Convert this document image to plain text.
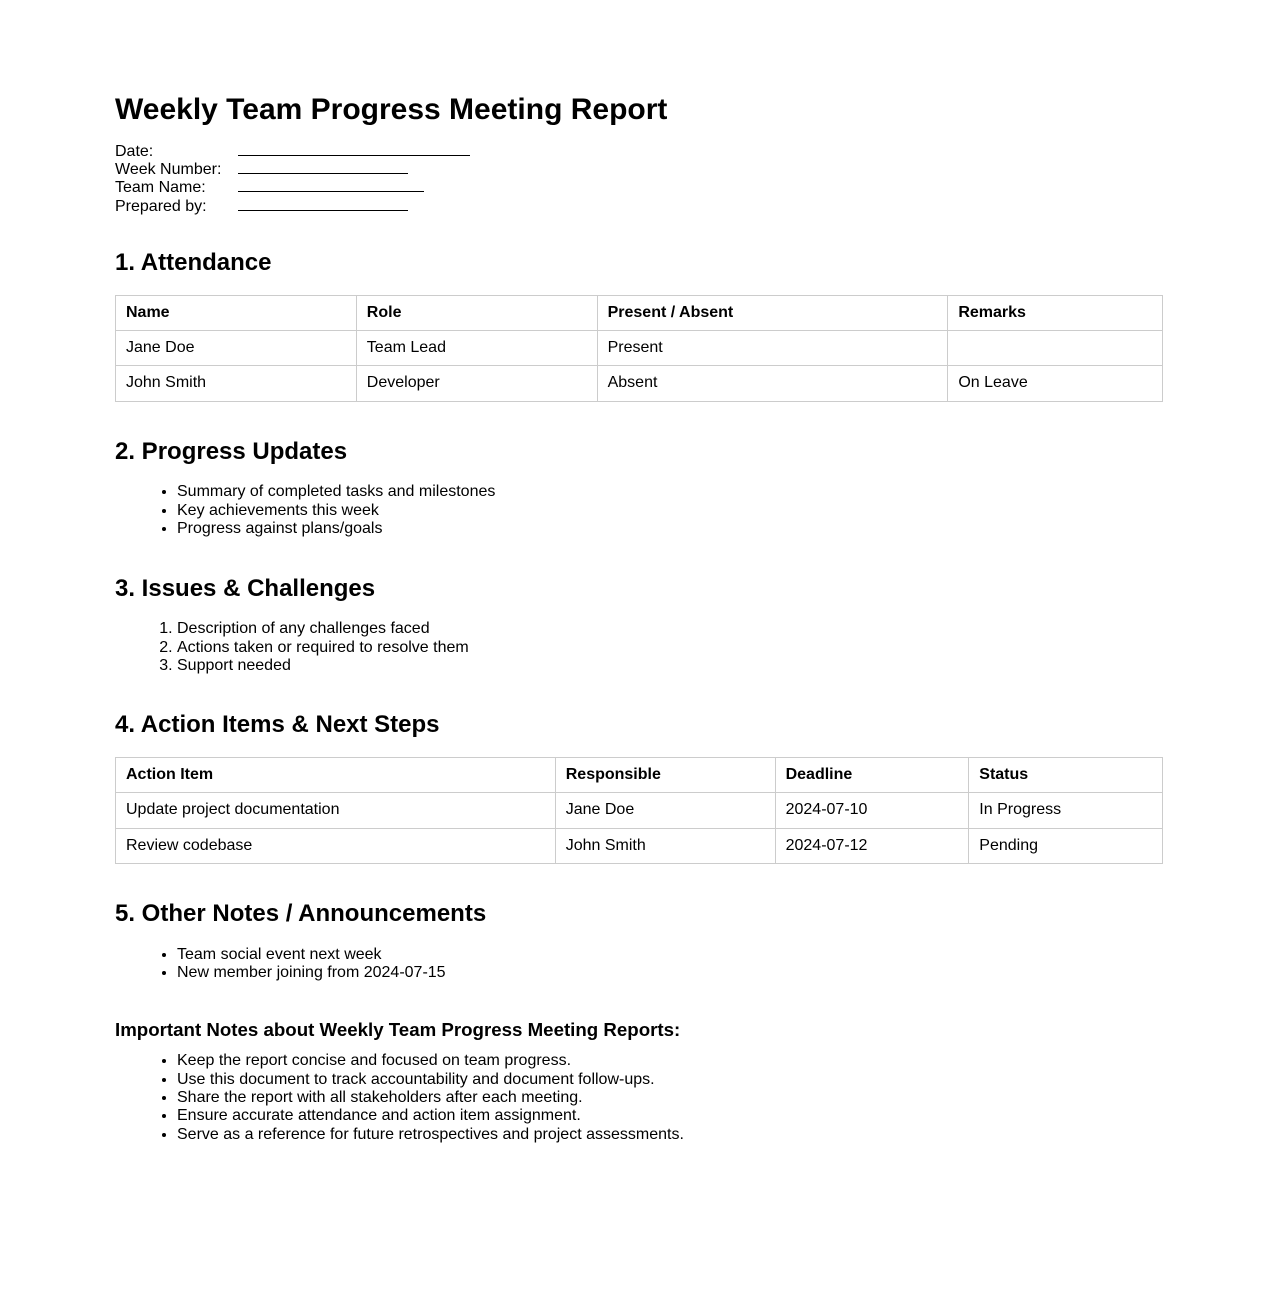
Weekly Team Progress Meeting Report
Date:
Week Number:
Team Name:
Prepared by:
1. Attendance
Name	Role	Present / Absent	Remarks
Jane Doe	Team Lead	Present	
John Smith	Developer	Absent	On Leave
2. Progress Updates
• Summary of completed tasks and milestones
• Key achievements this week
• Progress against plans/goals
3. Issues & Challenges
1. Description of any challenges faced
2. Actions taken or required to resolve them
3. Support needed
4. Action Items & Next Steps
Action Item	Responsible	Deadline	Status
Update project documentation	Jane Doe	2024-07-10	In Progress
Review codebase	John Smith	2024-07-12	Pending
5. Other Notes / Announcements
• Team social event next week
• New member joining from 2024-07-15
Important Notes about Weekly Team Progress Meeting Reports:
• Keep the report concise and focused on team progress.
• Use this document to track accountability and document follow-ups.
• Share the report with all stakeholders after each meeting.
• Ensure accurate attendance and action item assignment.
• Serve as a reference for future retrospectives and project assessments.
